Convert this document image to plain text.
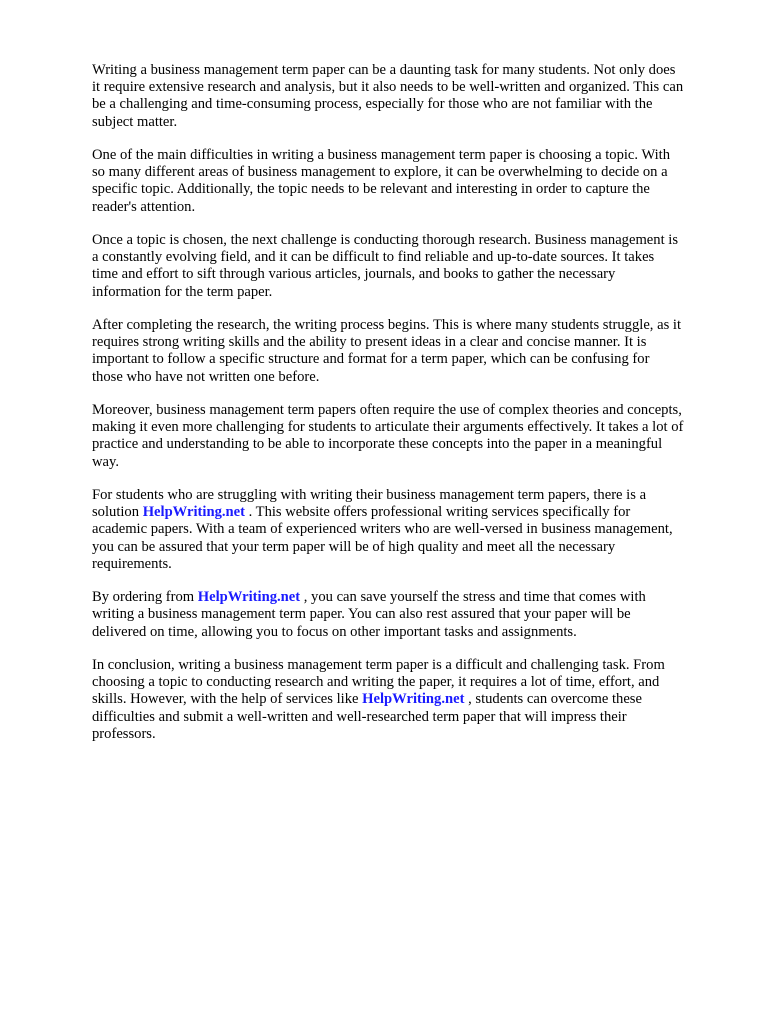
Writing a business management term paper can be a daunting task for many students. Not only does
it require extensive research and analysis, but it also needs to be well-written and organized. This can
be a challenging and time-consuming process, especially for those who are not familiar with the
subject matter.

One of the main difficulties in writing a business management term paper is choosing a topic. With
so many different areas of business management to explore, it can be overwhelming to decide on a
specific topic. Additionally, the topic needs to be relevant and interesting in order to capture the
reader's attention.

Once a topic is chosen, the next challenge is conducting thorough research. Business management is
a constantly evolving field, and it can be difficult to find reliable and up-to-date sources. It takes
time and effort to sift through various articles, journals, and books to gather the necessary
information for the term paper.

After completing the research, the writing process begins. This is where many students struggle, as it
requires strong writing skills and the ability to present ideas in a clear and concise manner. It is
important to follow a specific structure and format for a term paper, which can be confusing for
those who have not written one before.

Moreover, business management term papers often require the use of complex theories and concepts,
making it even more challenging for students to articulate their arguments effectively. It takes a lot of
practice and understanding to be able to incorporate these concepts into the paper in a meaningful
way.

For students who are struggling with writing their business management term papers, there is a
solution HelpWriting.net . This website offers professional writing services specifically for
academic papers. With a team of experienced writers who are well-versed in business management,
you can be assured that your term paper will be of high quality and meet all the necessary
requirements.

By ordering from HelpWriting.net , you can save yourself the stress and time that comes with
writing a business management term paper. You can also rest assured that your paper will be
delivered on time, allowing you to focus on other important tasks and assignments.

In conclusion, writing a business management term paper is a difficult and challenging task. From
choosing a topic to conducting research and writing the paper, it requires a lot of time, effort, and
skills. However, with the help of services like HelpWriting.net , students can overcome these
difficulties and submit a well-written and well-researched term paper that will impress their
professors.
